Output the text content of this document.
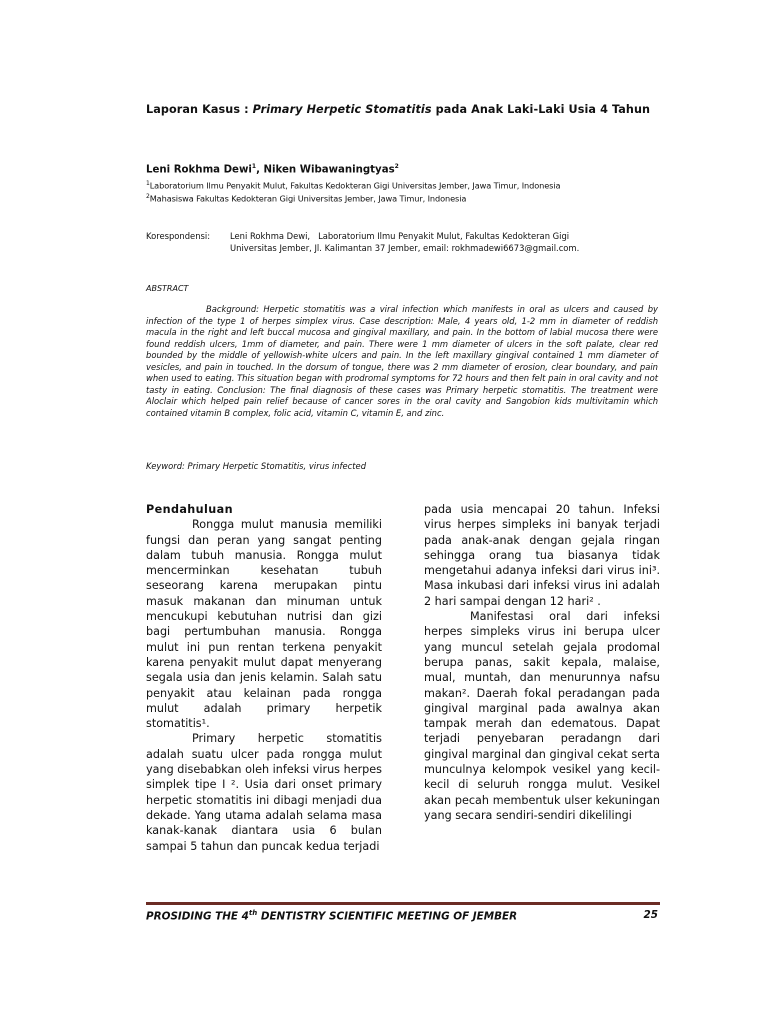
Laporan Kasus : Primary Herpetic Stomatitis pada Anak Laki-Laki Usia 4 Tahun
Leni Rokhma Dewi$^1$, Niken Wibawaningtyas$^2$
$^1$Laboratorium Ilmu Penyakit Mulut, Fakultas Kedokteran Gigi Universitas Jember, Jawa Timur, Indonesia
$^2$Mahasiswa Fakultas Kedokteran Gigi Universitas Jember, Jawa Timur, Indonesia
Korespondensi: Leni Rokhma Dewi,   Laboratorium Ilmu Penyakit Mulut, Fakultas Kedokteran Gigi
Universitas Jember, Jl. Kalimantan 37 Jember, email: rokhmadewi6673@gmail.com.
ABSTRACT
Background: Herpetic stomatitis was a viral infection which manifests in oral as ulcers and caused by infection of the type 1 of herpes simplex virus. Case description: Male, 4 years old, 1-2 mm in diameter of reddish macula in the right and left buccal mucosa and gingival maxillary, and pain. In the bottom of labial mucosa there were found reddish ulcers, 1mm of diameter, and pain. There were 1 mm diameter of ulcers in the soft palate, clear red bounded by the middle of yellowish-white ulcers and pain. In the left maxillary gingival contained 1 mm diameter of vesicles, and pain in touched. In the dorsum of tongue, there was 2 mm diameter of erosion, clear boundary, and pain when used to eating. This situation began with prodromal symptoms for 72 hours and then felt pain in oral cavity and not tasty in eating. Conclusion: The final diagnosis of these cases was Primary herpetic stomatitis. The treatment were Aloclair which helped pain relief because of cancer sores in the oral cavity and Sangobion kids multivitamin which contained vitamin B complex, folic acid, vitamin C, vitamin E, and zinc.
Keyword: Primary Herpetic Stomatitis, virus infected
Pendahuluan

Rongga mulut manusia memiliki fungsi dan peran yang sangat penting dalam tubuh manusia. Rongga mulut mencerminkan kesehatan tubuh seseorang karena merupakan pintu masuk makanan dan minuman untuk mencukupi kebutuhan nutrisi dan gizi bagi pertumbuhan manusia. Rongga mulut ini pun rentan terkena penyakit karena penyakit mulut dapat menyerang segala usia dan jenis kelamin. Salah satu penyakit atau kelainan pada rongga mulut adalah primary herpetik stomatitis¹.

Primary herpetic stomatitis adalah suatu ulcer pada rongga mulut yang disebabkan oleh infeksi virus herpes simplek tipe I ². Usia dari onset primary herpetic stomatitis ini dibagi menjadi dua dekade. Yang utama adalah selama masa kanak-kanak diantara usia 6 bulan sampai 5 tahun dan puncak kedua terjadi

pada usia mencapai 20 tahun. Infeksi virus herpes simpleks ini banyak terjadi pada anak-anak dengan gejala ringan sehingga orang tua biasanya tidak mengetahui adanya infeksi dari virus ini³. Masa inkubasi dari infeksi virus ini adalah 2 hari sampai dengan 12 hari² .

Manifestasi oral dari infeksi herpes simpleks virus ini berupa ulcer yang muncul setelah gejala prodomal berupa panas, sakit kepala, malaise, mual, muntah, dan menurunnya nafsu makan². Daerah fokal peradangan pada gingival marginal pada awalnya akan tampak merah dan edematous. Dapat terjadi penyebaran peradangn dari gingival marginal dan gingival cekat serta munculnya kelompok vesikel yang kecil-kecil di seluruh rongga mulut. Vesikel akan pecah membentuk ulser kekuningan yang secara sendiri-sendiri dikelilingi

PROSIDING THE 4th DENTISTRY SCIENTIFIC MEETING OF JEMBER	25
